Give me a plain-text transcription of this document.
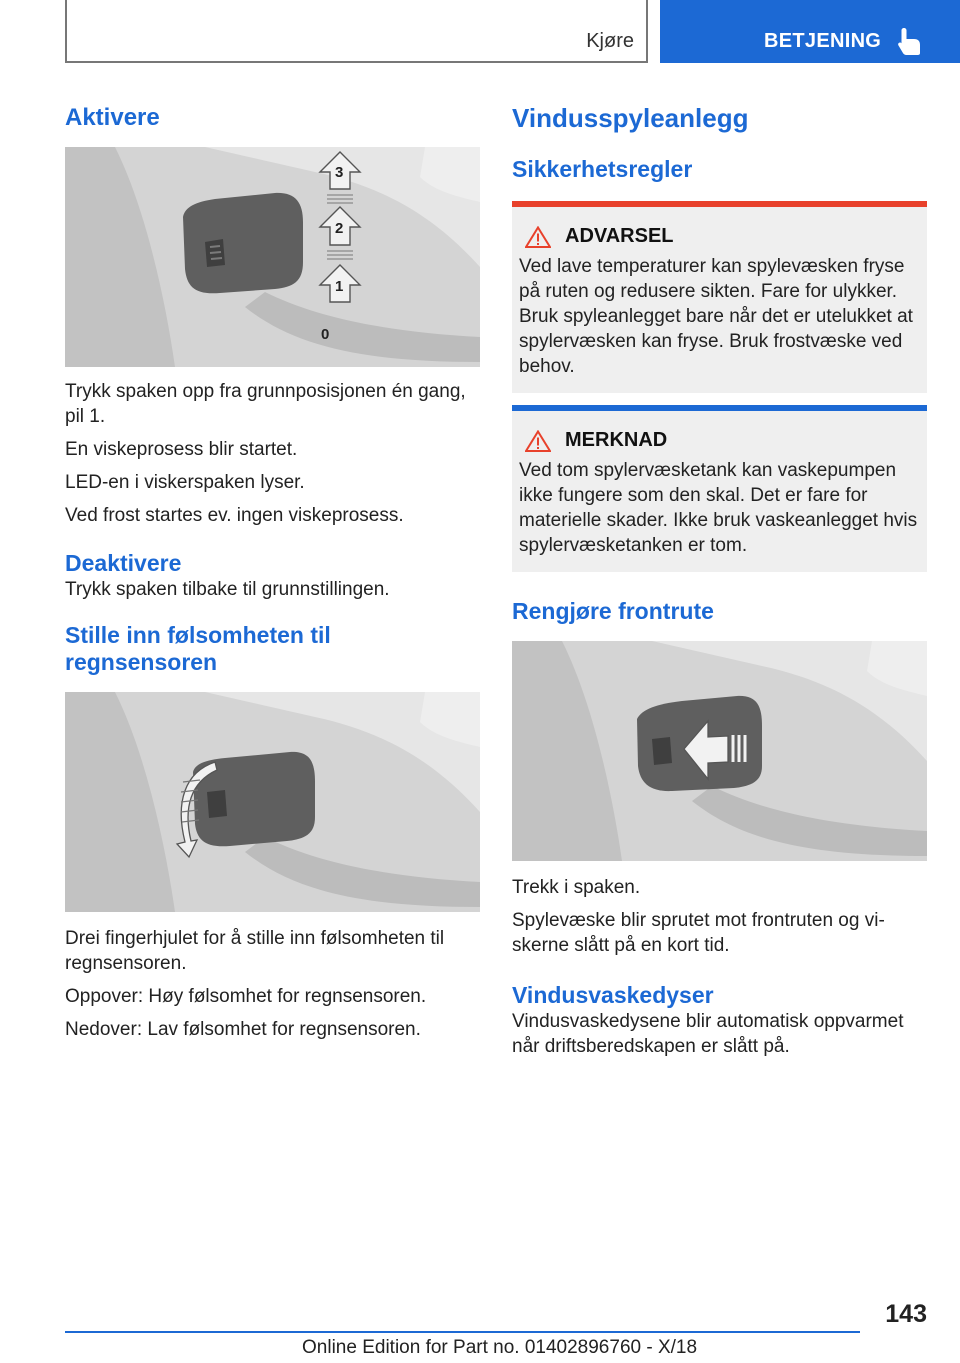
Kjøre	BETJENING
Aktivere
3
2
1
0

Trykk spaken opp fra grunnposisjonen én gang, pil 1.

En viskeprosess blir startet.

LED-en i viskerspaken lyser.

Ved frost startes ev. ingen viskeprosess.

Deaktivere

Trykk spaken tilbake til grunnstillingen.

Stille inn følsomheten til regnsensoren

Drei fingerhjulet for å stille inn følsomheten til regnsensoren.

Oppover: Høy følsomhet for regnsensoren.

Nedover: Lav følsomhet for regnsensoren.

Vindusspyleanlegg
Sikkerhetsregler
ADVARSEL

Ved lave temperaturer kan spylevæsken fryse på ruten og redusere sikten. Fare for ulykker. Bruk spyleanlegget bare når det er utelukket at spylervæsken kan fryse. Bruk frostvæske ved behov.

MERKNAD

Ved tom spylervæsketank kan vaskepumpen ikke fungere som den skal. Det er fare for materielle skader. Ikke bruk vaskeanlegget hvis spylervæsketanken er tom.

Rengjøre frontrute

Trekk i spaken.

Spylevæske blir sprutet mot frontruten og viskerne slått på en kort tid.

Vindusvaskedyser

Vindusvaskedysene blir automatisk oppvarmet når driftsberedskapen er slått på.

143
Online Edition for Part no. 01402896760 - X/18
